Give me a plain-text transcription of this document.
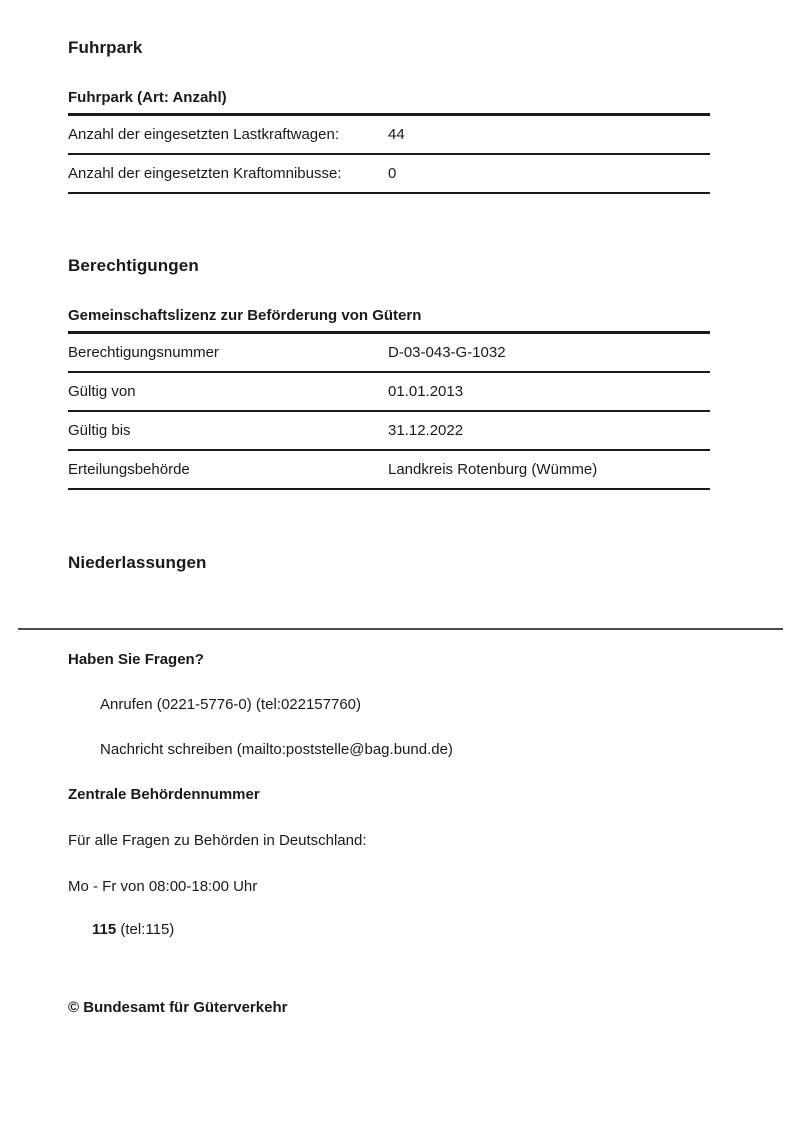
Fuhrpark
Fuhrpark (Art: Anzahl)
Anzahl der eingesetzten Lastkraftwagen:	44
Anzahl der eingesetzten Kraftomnibusse:	0
Berechtigungen
Gemeinschaftslizenz zur Beförderung von Gütern
Berechtigungsnummer	D-03-043-G-1032
Gültig von	01.01.2013
Gültig bis	31.12.2022
Erteilungsbehörde	Landkreis Rotenburg (Wümme)
Niederlassungen
Haben Sie Fragen?

Anrufen (0221-5776-0) (tel:022157760)

Nachricht schreiben (mailto:poststelle@bag.bund.de)

Zentrale Behördennummer

Für alle Fragen zu Behörden in Deutschland:

Mo - Fr von 08:00-18:00 Uhr

115 (tel:115)

© Bundesamt für Güterverkehr
